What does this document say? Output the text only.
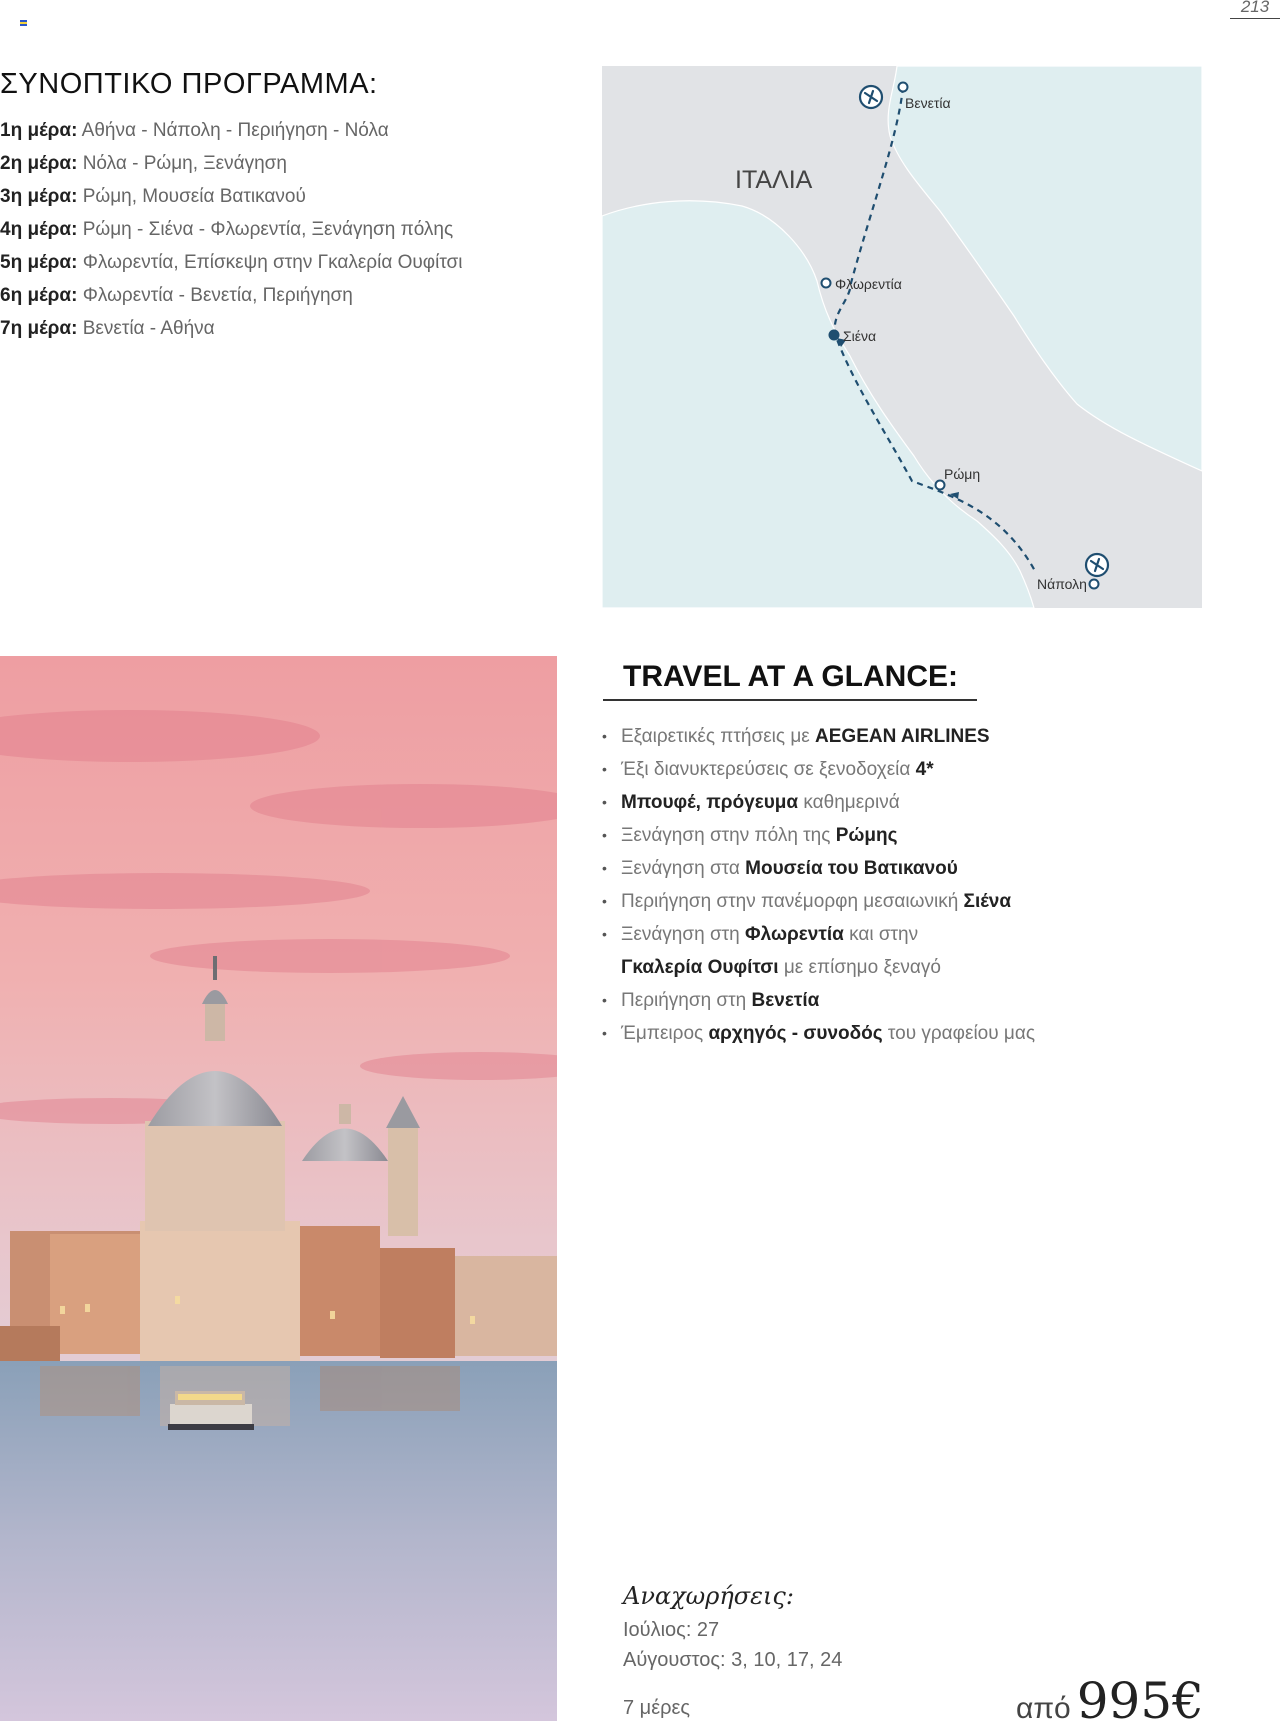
213
ΣΥΝΟΠΤΙΚΟ ΠΡΟΓΡΑΜΜΑ:
1η μέρα: Αθήνα - Νάπολη - Περιήγηση - Νόλα
2η μέρα: Νόλα - Ρώμη, Ξενάγηση
3η μέρα: Ρώμη, Μουσεία Βατικανού
4η μέρα: Ρώμη - Σιένα - Φλωρεντία, Ξενάγηση πόλης
5η μέρα: Φλωρεντία, Επίσκεψη στην Γκαλερία Ουφίτσι
6η μέρα: Φλωρεντία - Βενετία, Περιήγηση
7η μέρα: Βενετία - Αθήνα
ΙΤΑΛΙΑ
Βενετία
Φλωρεντία
Σιένα
Ρώμη
Νάπολη
TRAVEL AT A GLANCE:
• Εξαιρετικές πτήσεις με AEGEAN AIRLINES
• Έξι διανυκτερεύσεις σε ξενοδοχεία 4*
• Μπουφέ, πρόγευμα καθημερινά
• Ξενάγηση στην πόλη της Ρώμης
• Ξενάγηση στα Μουσεία του Βατικανού
• Περιήγηση στην πανέμορφη μεσαιωνική Σιένα
• Ξενάγηση στη Φλωρεντία και στην
Γκαλερία Ουφίτσι με επίσημο ξεναγό
• Περιήγηση στη Βενετία
• Έμπειρος αρχηγός - συνοδός του γραφείου μας
Αναχωρήσεις:
Ιούλιος: 27
Αύγουστος: 3, 10, 17, 24
7 μέρες	από 995€
